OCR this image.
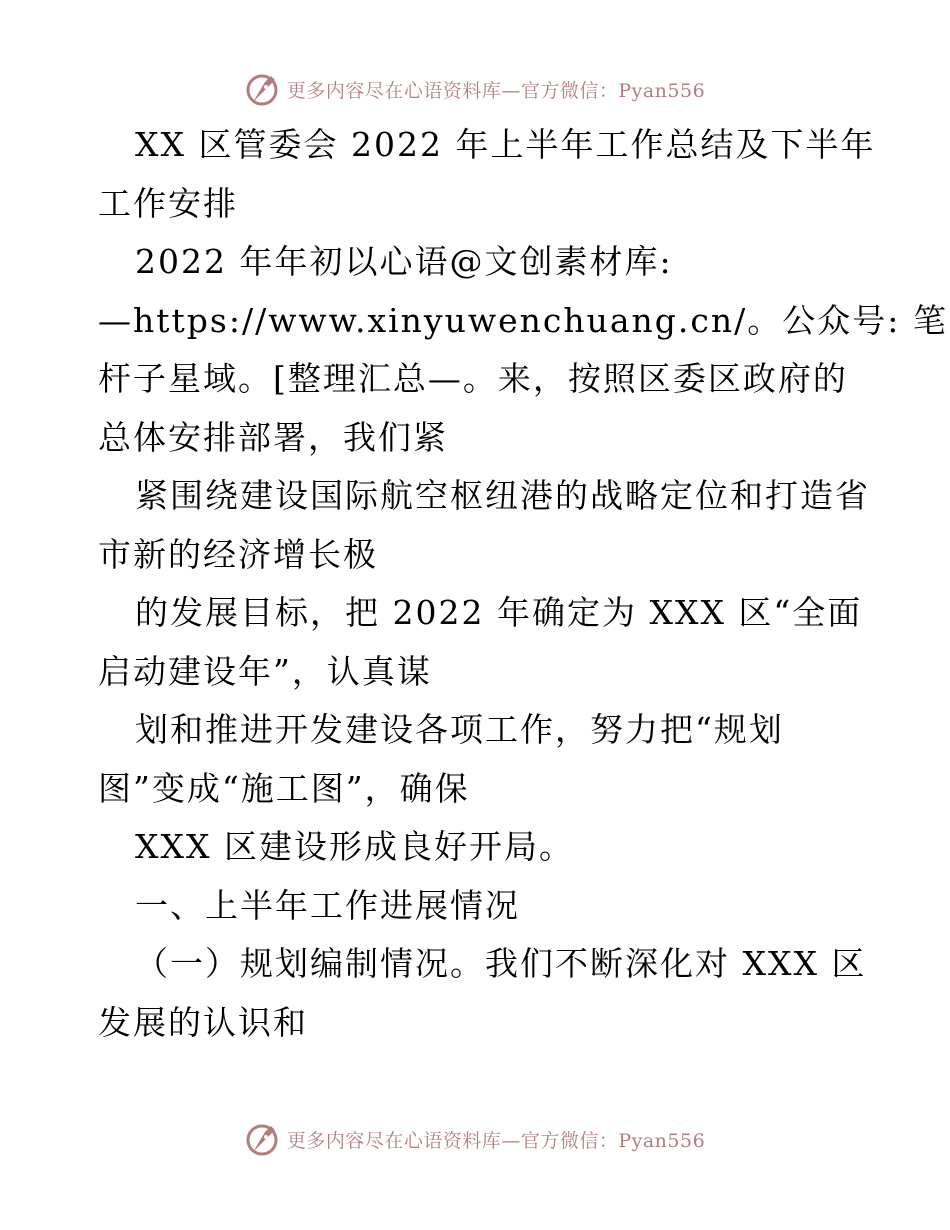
更多内容尽在心语资料库—官方微信：Pyan556
XX 区管委会 2022 年上半年工作总结及下半年
工作安排
2022 年年初以心语@文创素材库:
—https://www.xinyuwenchuang.cn/。公众号: 笔
杆子星域。[整理汇总—。来，按照区委区政府的
总体安排部署，我们紧
紧围绕建设国际航空枢纽港的战略定位和打造省
市新的经济增长极
的发展目标，把 2022 年确定为 XXX 区“全面
启动建设年”，认真谋
划和推进开发建设各项工作，努力把“规划
图”变成“施工图”，确保
XXX 区建设形成良好开局。
一、上半年工作进展情况
（一）规划编制情况。我们不断深化对 XXX 区
发展的认识和
更多内容尽在心语资料库—官方微信：Pyan556
